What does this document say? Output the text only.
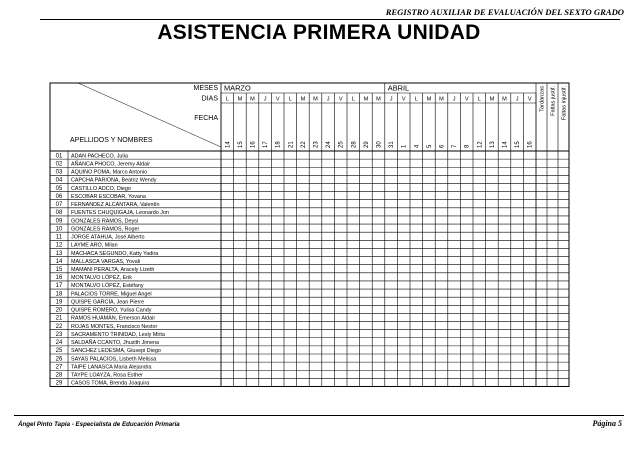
REGISTRO AUXILIAR DE EVALUACIÓN DEL SEXTO GRADO
ASISTENCIA PRIMERA UNIDAD
MESES
DIAS
FECHA
APELLIDOS Y NOMBRES
MARZO	ABRIL
L M M J V L M M J V L M M J V L M M J V L M M J V
14 15 16 17 18 21 22 23 24 25 28 29 30 31 1 4 5 6 7 8 12 13 14 15 16
Tardanzas Faltas justif. Faltas injustif.
01 ADAN PACHECO, Julia
02 AÑANCA PHOCO, Jeremy Aldair
03 AQUINO POMA, Marco Antonio
04 CAPCHA PARIONA, Beatriz Wendy
05 CASTILLO ADCO, Diego
06 ESCOBAR ESCOBAR, Yovana
07 FERNANDEZ ALCÁNTARA, Valentín
08 FUENTES CHUQUIGAJA, Leonardo Jon
09 GONZALES RAMOS, Deysi
10 GONZALES RAMOS, Roger
11 JORGE ATAHUA, José Alberto
12 LAYME ARO, Milan
13 MACHACA SEGUNDO, Katty Yadira
14 MALLASCA VARGAS, Yovali
15 MAMANI PERALTA, Aracely Lizeth
16 MONTALVO LÓPEZ, Erik
17 MONTALVO LÓPEZ, Estéfany
18 PALACIOS TORRE, Miguel Angel
19 QUISPE GARCÍA, Jean Pierre
20 QUISPE ROMERO, Yulisa Candy
21 RAMOS HUAMÁN, Emerson Aldair
22 ROJAS MONTES, Francisco Nestor
23 SACRAMENTO TRINIDAD, Lesly Mirta
24 SALDAÑA CCANTO, Jhuzith Jimena
25 SANCHEZ LEDESMA, Giusepi Diego
26 SAYAS PALACIOS, Lisbeth Melissa
27 TAIPE LANASCA Maria Alejandra
28 TAYPE LOAYZA, Rosa Esther
29 CASOS TOMA, Brenda Joaquira
Ángel Pinto Tapia - Especialista de Educación Primaria	Página 5
